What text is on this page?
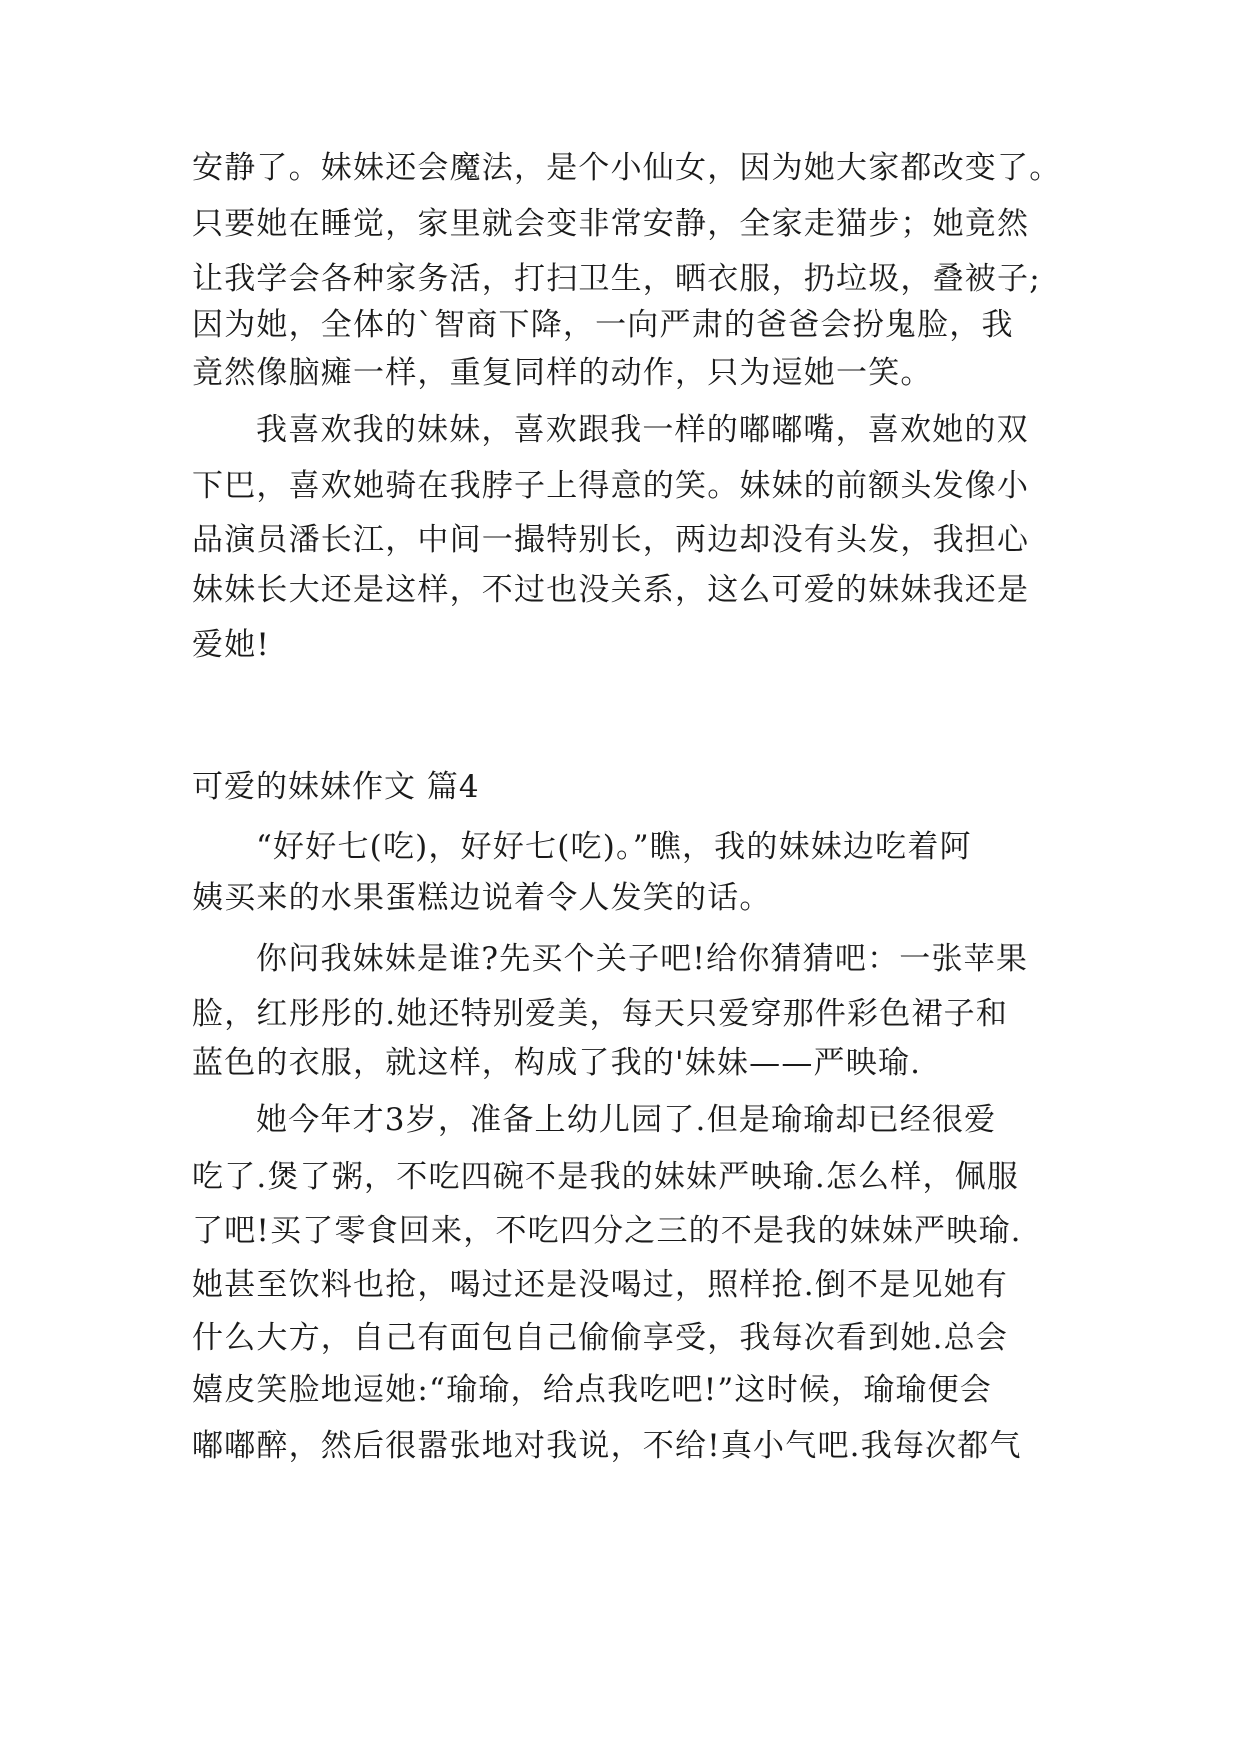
安静了。妹妹还会魔法，是个小仙女，因为她大家都改变了。
只要她在睡觉，家里就会变非常安静，全家走猫步；她竟然
让我学会各种家务活，打扫卫生，晒衣服，扔垃圾，叠被子;
因为她，全体的`智商下降，一向严肃的爸爸会扮鬼脸，我
竟然像脑瘫一样，重复同样的动作，只为逗她一笑。
我喜欢我的妹妹，喜欢跟我一样的嘟嘟嘴，喜欢她的双
下巴，喜欢她骑在我脖子上得意的笑。妹妹的前额头发像小
品演员潘长江，中间一撮特别长，两边却没有头发，我担心
妹妹长大还是这样，不过也没关系，这么可爱的妹妹我还是
爱她!
可爱的妹妹作文 篇4
“好好七(吃)，好好七(吃)。”瞧，我的妹妹边吃着阿
姨买来的水果蛋糕边说着令人发笑的话。
你问我妹妹是谁?先买个关子吧!给你猜猜吧：一张苹果
脸，红彤彤的.她还特别爱美，每天只爱穿那件彩色裙子和
蓝色的衣服，就这样，构成了我的'妹妹——严映瑜.
她今年才3岁，准备上幼儿园了.但是瑜瑜却已经很爱
吃了.煲了粥，不吃四碗不是我的妹妹严映瑜.怎么样，佩服
了吧!买了零食回来，不吃四分之三的不是我的妹妹严映瑜.
她甚至饮料也抢，喝过还是没喝过，照样抢.倒不是见她有
什么大方，自己有面包自己偷偷享受，我每次看到她.总会
嬉皮笑脸地逗她:“瑜瑜，给点我吃吧!”这时候，瑜瑜便会
嘟嘟醉，然后很嚣张地对我说，不给!真小气吧.我每次都气
